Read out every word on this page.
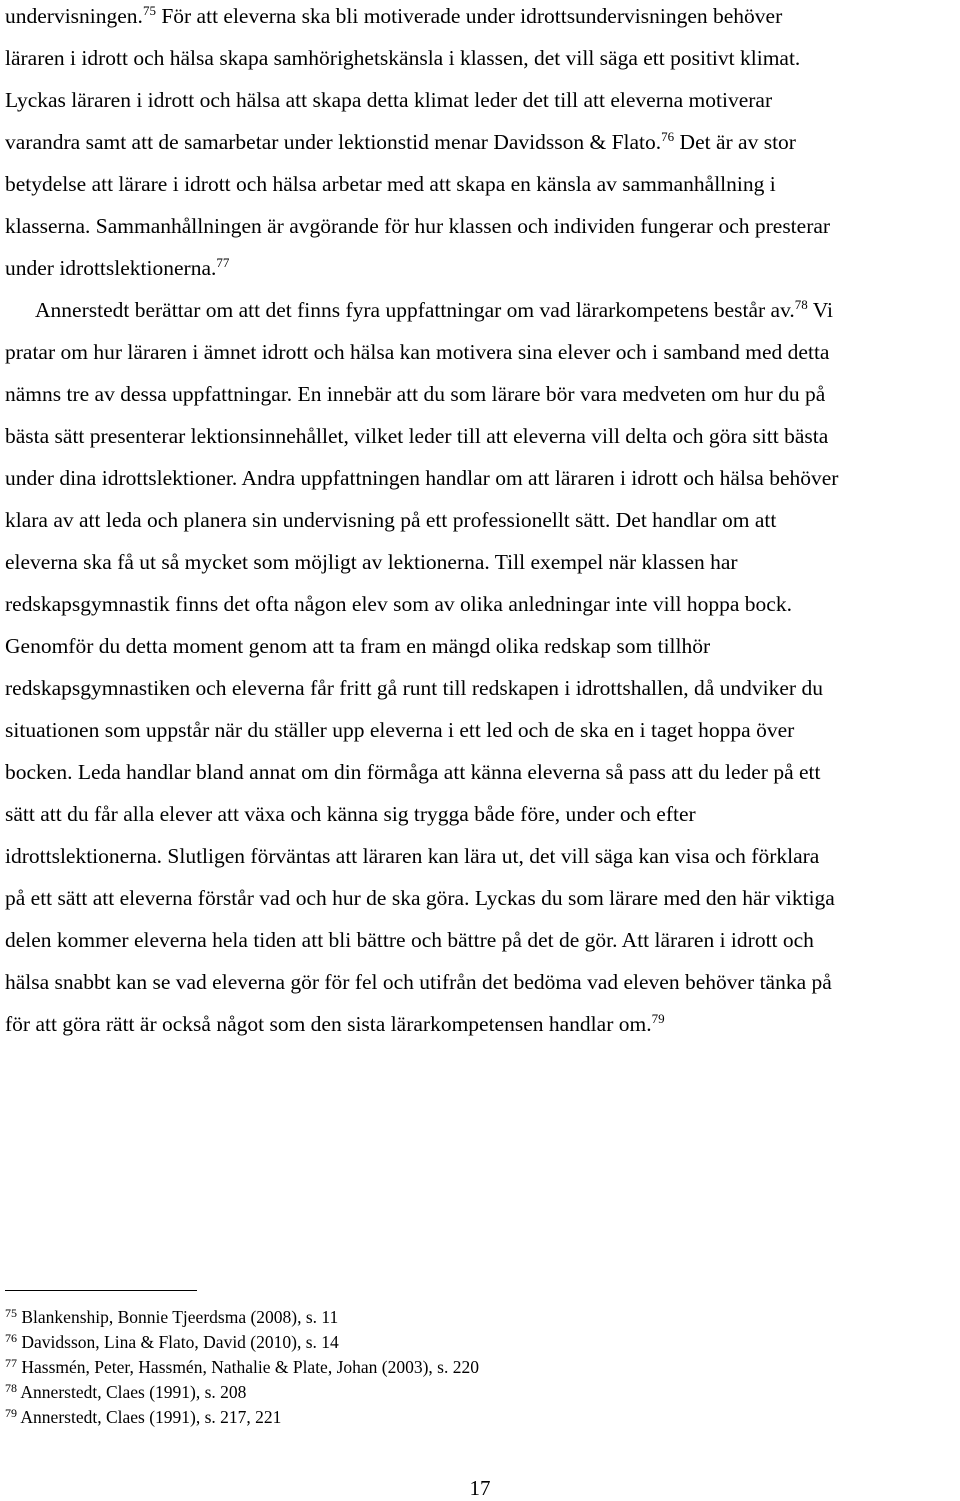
undervisningen.$^{75}$ För att eleverna ska bli motiverade under idrottsundervisningen behöver
läraren i idrott och hälsa skapa samhörighetskänsla i klassen, det vill säga ett positivt klimat.
Lyckas läraren i idrott och hälsa att skapa detta klimat leder det till att eleverna motiverar
varandra samt att de samarbetar under lektionstid menar Davidsson & Flato.$^{76}$ Det är av stor
betydelse att lärare i idrott och hälsa arbetar med att skapa en känsla av sammanhållning i
klasserna. Sammanhållningen är avgörande för hur klassen och individen fungerar och presterar
under idrottslektionerna.$^{77}$
Annerstedt berättar om att det finns fyra uppfattningar om vad lärarkompetens består av.$^{78}$ Vi
pratar om hur läraren i ämnet idrott och hälsa kan motivera sina elever och i samband med detta
nämns tre av dessa uppfattningar. En innebär att du som lärare bör vara medveten om hur du på
bästa sätt presenterar lektionsinnehållet, vilket leder till att eleverna vill delta och göra sitt bästa
under dina idrottslektioner. Andra uppfattningen handlar om att läraren i idrott och hälsa behöver
klara av att leda och planera sin undervisning på ett professionellt sätt. Det handlar om att
eleverna ska få ut så mycket som möjligt av lektionerna. Till exempel när klassen har
redskapsgymnastik finns det ofta någon elev som av olika anledningar inte vill hoppa bock.
Genomför du detta moment genom att ta fram en mängd olika redskap som tillhör
redskapsgymnastiken och eleverna får fritt gå runt till redskapen i idrottshallen, då undviker du
situationen som uppstår när du ställer upp eleverna i ett led och de ska en i taget hoppa över
bocken. Leda handlar bland annat om din förmåga att känna eleverna så pass att du leder på ett
sätt att du får alla elever att växa och känna sig trygga både före, under och efter
idrottslektionerna. Slutligen förväntas att läraren kan lära ut, det vill säga kan visa och förklara
på ett sätt att eleverna förstår vad och hur de ska göra. Lyckas du som lärare med den här viktiga
delen kommer eleverna hela tiden att bli bättre och bättre på det de gör. Att läraren i idrott och
hälsa snabbt kan se vad eleverna gör för fel och utifrån det bedöma vad eleven behöver tänka på
för att göra rätt är också något som den sista lärarkompetensen handlar om.$^{79}$
$^{75}$ Blankenship, Bonnie Tjeerdsma (2008), s. 11
$^{76}$ Davidsson, Lina & Flato, David (2010), s. 14
$^{77}$ Hassmén, Peter, Hassmén, Nathalie & Plate, Johan (2003), s. 220
$^{78}$ Annerstedt, Claes (1991), s. 208
$^{79}$ Annerstedt, Claes (1991), s. 217, 221
17
